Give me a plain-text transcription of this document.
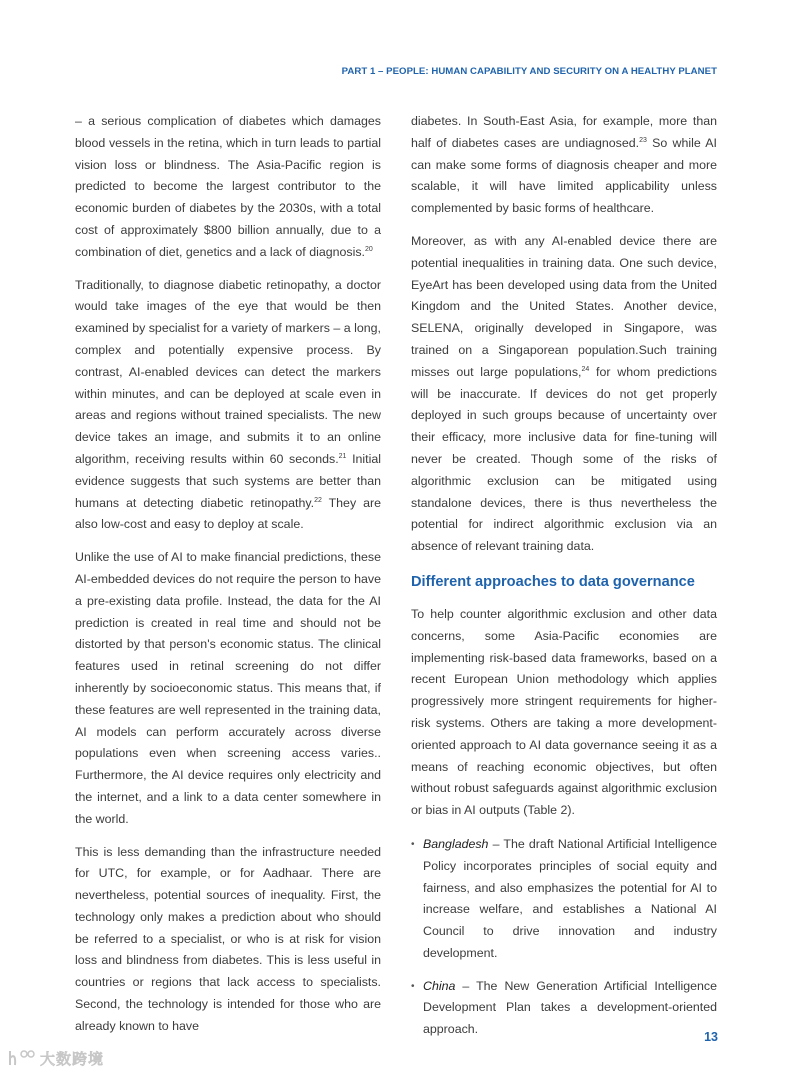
PART 1 – PEOPLE: HUMAN CAPABILITY AND SECURITY ON A HEALTHY PLANET

– a serious complication of diabetes which damages blood vessels in the retina, which in turn leads to partial vision loss or blindness. The Asia-Pacific region is predicted to become the largest contributor to the economic burden of diabetes by the 2030s, with a total cost of approximately $800 billion annually, due to a combination of diet, genetics and a lack of diagnosis.$^{20}$

Traditionally, to diagnose diabetic retinopathy, a doctor would take images of the eye that would be then examined by specialist for a variety of markers – a long, complex and potentially expensive process. By contrast, AI-enabled devices can detect the markers within minutes, and can be deployed at scale even in areas and regions without trained specialists. The new device takes an image, and submits it to an online algorithm, receiving results within 60 seconds.$^{21}$ Initial evidence suggests that such systems are better than humans at detecting diabetic retinopathy.$^{22}$ They are also low-cost and easy to deploy at scale.

Unlike the use of AI to make financial predictions, these AI-embedded devices do not require the person to have a pre-existing data profile. Instead, the data for the AI prediction is created in real time and should not be distorted by that person's economic status. The clinical features used in retinal screening do not differ inherently by socioeconomic status. This means that, if these features are well represented in the training data, AI models can perform accurately across diverse populations even when screening access varies.. Furthermore, the AI device requires only electricity and the internet, and a link to a data center somewhere in the world.

This is less demanding than the infrastructure needed for UTC, for example, or for Aadhaar. There are nevertheless, potential sources of inequality. First, the technology only makes a prediction about who should be referred to a specialist, or who is at risk for vision loss and blindness from diabetes. This is less useful in countries or regions that lack access to specialists. Second, the technology is intended for those who are already known to have

diabetes. In South-East Asia, for example, more than half of diabetes cases are undiagnosed.$^{23}$ So while AI can make some forms of diagnosis cheaper and more scalable, it will have limited applicability unless complemented by basic forms of healthcare.

Moreover, as with any AI-enabled device there are potential inequalities in training data. One such device, EyeArt has been developed using data from the United Kingdom and the United States. Another device, SELENA, originally developed in Singapore, was trained on a Singaporean population.Such training misses out large populations,$^{24}$ for whom predictions will be inaccurate. If devices do not get properly deployed in such groups because of uncertainty over their efficacy, more inclusive data for fine-tuning will never be created. Though some of the risks of algorithmic exclusion can be mitigated using standalone devices, there is thus nevertheless the potential for indirect algorithmic exclusion via an absence of relevant training data.

Different approaches to data governance

To help counter algorithmic exclusion and other data concerns, some Asia-Pacific economies are implementing risk-based data frameworks, based on a recent European Union methodology which applies progressively more stringent requirements for higher-risk systems. Others are taking a more development-oriented approach to AI data governance seeing it as a means of reaching economic objectives, but often without robust safeguards against algorithmic exclusion or bias in AI outputs (Table 2).

• Bangladesh – The draft National Artificial Intelligence Policy incorporates principles of social equity and fairness, and also emphasizes the potential for AI to increase welfare, and establishes a National AI Council to drive innovation and industry development.
• China – The New Generation Artificial Intelligence Development Plan takes a development-oriented approach.
13
大数跨境
